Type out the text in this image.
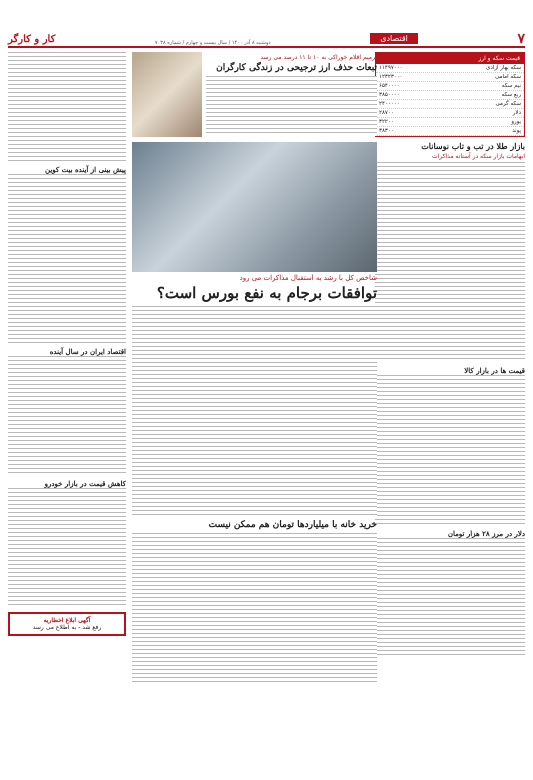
۷
اقتصادی
دوشنبه ۸ آذر ۱۴۰۰ / سال بیست و چهارم / شماره ۷۰۳۸
کار و کارگر
قیمت سکه و ارز
سکه بهار آزادی
۱۱۴۹۷۰۰۰
سکه امامی
۱۲۳۲۳۰۰۰
نیم سکه
۶۵۴۰۰۰۰
ربع سکه
۳۸۵۰۰۰۰
سکه گرمی
۲۴۰۰۰۰۰
دلار
۲۸۷۰۰
یورو
۳۲۲۰۰
پوند
۳۸۳۰۰
بازار طلا در تب و تاب نوسانات
ابهامات بازار سکه در آستانه مذاکرات
قیمت ها در بازار کالا
دلار در مرز ۲۸ هزار تومان
ترمیم اقلام خوراکی به ۱۰ تا ۱۱ درصد می رسد
تبعات حذف ارز ترجیحی در زندگی کارگران
شاخص کل با رشد به استقبال مذاکرات می رود
توافقات برجام به نفع بورس است؟
خرید خانه با میلیاردها تومان هم ممکن نیست
پیش بینی از آینده بیت کوین
اقتصاد ایران در سال آینده
کاهش قیمت در بازار خودرو
آگهی ابلاغ اخطاریه
رفع شد - به اطلاع می رسد
